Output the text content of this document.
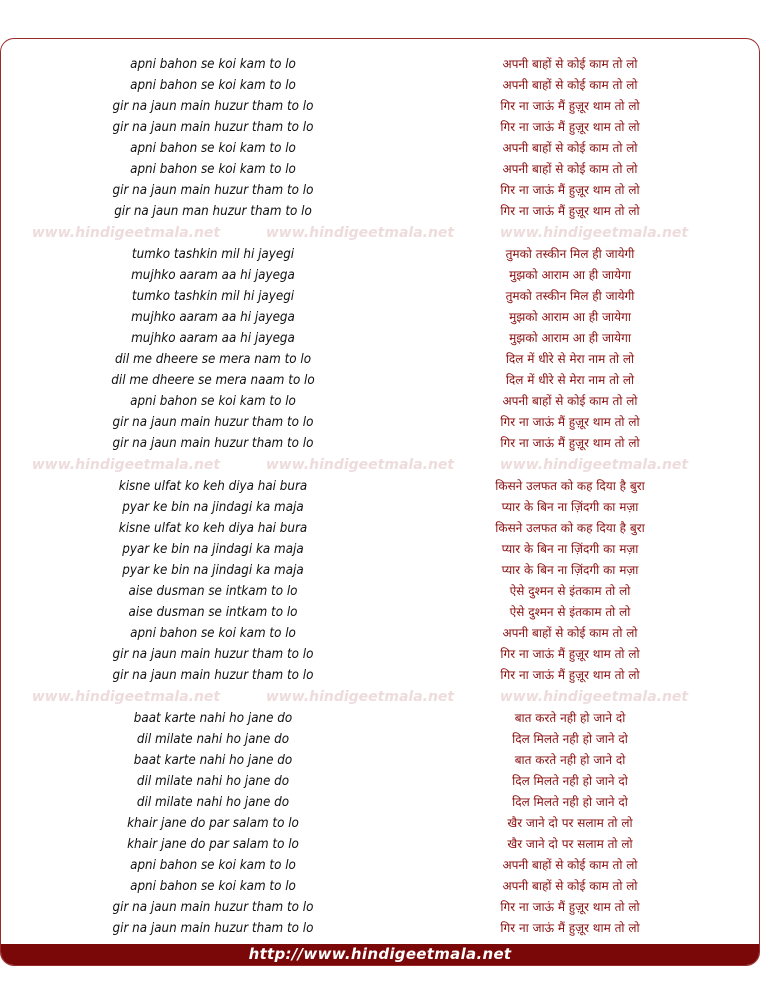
apni bahon se koi kam to lo	अपनी बाहों से कोई काम तो लो
apni bahon se koi kam to lo	अपनी बाहों से कोई काम तो लो
gir na jaun main huzur tham to lo	गिर ना जाऊं मैं हुज़ूर थाम तो लो
gir na jaun main huzur tham to lo	गिर ना जाऊं मैं हुज़ूर थाम तो लो
apni bahon se koi kam to lo	अपनी बाहों से कोई काम तो लो
apni bahon se koi kam to lo	अपनी बाहों से कोई काम तो लो
gir na jaun main huzur tham to lo	गिर ना जाऊं मैं हुज़ूर थाम तो लो
gir na jaun man huzur tham to lo	गिर ना जाऊं मैं हुज़ूर थाम तो लो
www.hindigeetmala.net	www.hindigeetmala.net	www.hindigeetmala.net
tumko tashkin mil hi jayegi	तुमको तस्कीन मिल ही जायेगी
mujhko aaram aa hi jayega	मुझको आराम आ ही जायेगा
tumko tashkin mil hi jayegi	तुमको तस्कीन मिल ही जायेगी
mujhko aaram aa hi jayega	मुझको आराम आ ही जायेगा
mujhko aaram aa hi jayega	मुझको आराम आ ही जायेगा
dil me dheere se mera nam to lo	दिल में धीरे से मेरा नाम तो लो
dil me dheere se mera naam to lo	दिल में धीरे से मेरा नाम तो लो
apni bahon se koi kam to lo	अपनी बाहों से कोई काम तो लो
gir na jaun main huzur tham to lo	गिर ना जाऊं मैं हुज़ूर थाम तो लो
gir na jaun main huzur tham to lo	गिर ना जाऊं मैं हुज़ूर थाम तो लो
www.hindigeetmala.net	www.hindigeetmala.net	www.hindigeetmala.net
kisne ulfat ko keh diya hai bura	किसने उलफत को कह दिया है बुरा
pyar ke bin na jindagi ka maja	प्यार के बिन ना ज़िंदगी का मज़ा
kisne ulfat ko keh diya hai bura	किसने उलफत को कह दिया है बुरा
pyar ke bin na jindagi ka maja	प्यार के बिन ना ज़िंदगी का मज़ा
pyar ke bin na jindagi ka maja	प्यार के बिन ना ज़िंदगी का मज़ा
aise dusman se intkam to lo	ऐसे दुश्मन से इंतकाम तो लो
aise dusman se intkam to lo	ऐसे दुश्मन से इंतकाम तो लो
apni bahon se koi kam to lo	अपनी बाहों से कोई काम तो लो
gir na jaun main huzur tham to lo	गिर ना जाऊं मैं हुज़ूर थाम तो लो
gir na jaun main huzur tham to lo	गिर ना जाऊं मैं हुज़ूर थाम तो लो
www.hindigeetmala.net	www.hindigeetmala.net	www.hindigeetmala.net
baat karte nahi ho jane do	बात करते नही हो जाने दो
dil milate nahi ho jane do	दिल मिलते नही हो जाने दो
baat karte nahi ho jane do	बात करते नही हो जाने दो
dil milate nahi ho jane do	दिल मिलते नही हो जाने दो
dil milate nahi ho jane do	दिल मिलते नही हो जाने दो
khair jane do par salam to lo	खैर जाने दो पर सलाम तो लो
khair jane do par salam to lo	खैर जाने दो पर सलाम तो लो
apni bahon se koi kam to lo	अपनी बाहों से कोई काम तो लो
apni bahon se koi kam to lo	अपनी बाहों से कोई काम तो लो
gir na jaun main huzur tham to lo	गिर ना जाऊं मैं हुज़ूर थाम तो लो
gir na jaun main huzur tham to lo	गिर ना जाऊं मैं हुज़ूर थाम तो लो
http://www.hindigeetmala.net
